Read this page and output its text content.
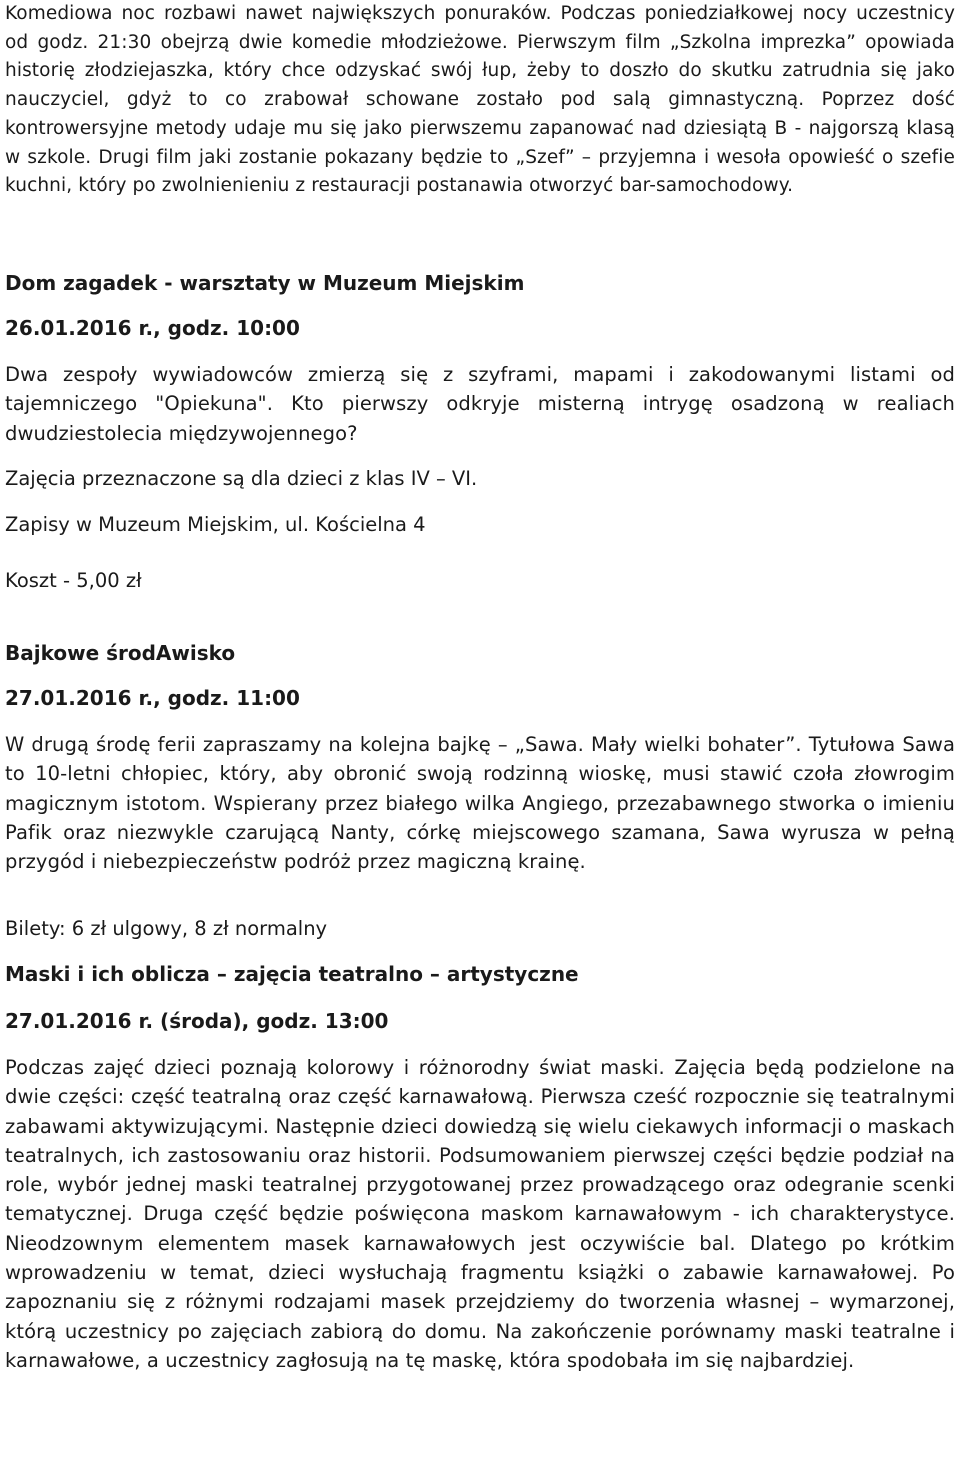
Komediowa noc rozbawi nawet największych ponuraków. Podczas poniedziałkowej nocy uczestnicy od godz. 21:30 obejrzą dwie komedie młodzieżowe. Pierwszym film „Szkolna imprezka” opowiada historię złodziejaszka, który chce odzyskać swój łup, żeby to doszło do skutku zatrudnia się jako nauczyciel, gdyż to co zrabował schowane zostało pod salą gimnastyczną. Poprzez dość kontrowersyjne metody udaje mu się jako pierwszemu zapanować nad dziesiątą B - najgorszą klasą w szkole. Drugi film jaki zostanie pokazany będzie to „Szef” – przyjemna i wesoła opowieść o szefie kuchni, który po zwolnienieniu z restauracji postanawia otworzyć bar-samochodowy.

Dom zagadek - warsztaty w Muzeum Miejskim
26.01.2016 r., godz. 10:00

Dwa zespoły wywiadowców zmierzą się z szyframi, mapami i zakodowanymi listami od tajemniczego "Opiekuna". Kto pierwszy odkryje misterną intrygę osadzoną w realiach dwudziestolecia międzywojennego?

Zajęcia przeznaczone są dla dzieci z klas IV – VI.

Zapisy w Muzeum Miejskim, ul. Kościelna 4

Koszt - 5,00 zł

Bajkowe środAwisko
27.01.2016 r., godz. 11:00

W drugą środę ferii zapraszamy na kolejna bajkę – „Sawa. Mały wielki bohater”. Tytułowa Sawa to 10-letni chłopiec, który, aby obronić swoją rodzinną wioskę, musi stawić czoła złowrogim magicznym istotom. Wspierany przez białego wilka Angiego, przezabawnego stworka o imieniu Pafik oraz niezwykle czarującą Nanty, córkę miejscowego szamana, Sawa wyrusza w pełną przygód i niebezpieczeństw podróż przez magiczną krainę.

Bilety: 6 zł ulgowy, 8 zł normalny

Maski i ich oblicza – zajęcia teatralno – artystyczne
27.01.2016 r. (środa), godz. 13:00

Podczas zajęć dzieci poznają kolorowy i różnorodny świat maski. Zajęcia będą podzielone na dwie części: część teatralną oraz część karnawałową. Pierwsza cześć rozpocznie się teatralnymi zabawami aktywizującymi. Następnie dzieci dowiedzą się wielu ciekawych informacji o maskach teatralnych, ich zastosowaniu oraz historii. Podsumowaniem pierwszej części będzie podział na role, wybór jednej maski teatralnej przygotowanej przez prowadzącego oraz odegranie scenki tematycznej. Druga część będzie poświęcona maskom karnawałowym - ich charakterystyce. Nieodzownym elementem masek karnawałowych jest oczywiście bal. Dlatego po krótkim wprowadzeniu w temat, dzieci wysłuchają fragmentu książki o zabawie karnawałowej. Po zapoznaniu się z różnymi rodzajami masek przejdziemy do tworzenia własnej – wymarzonej, którą uczestnicy po zajęciach zabiorą do domu. Na zakończenie porównamy maski teatralne i karnawałowe, a uczestnicy zagłosują na tę maskę, która spodobała im się najbardziej.
